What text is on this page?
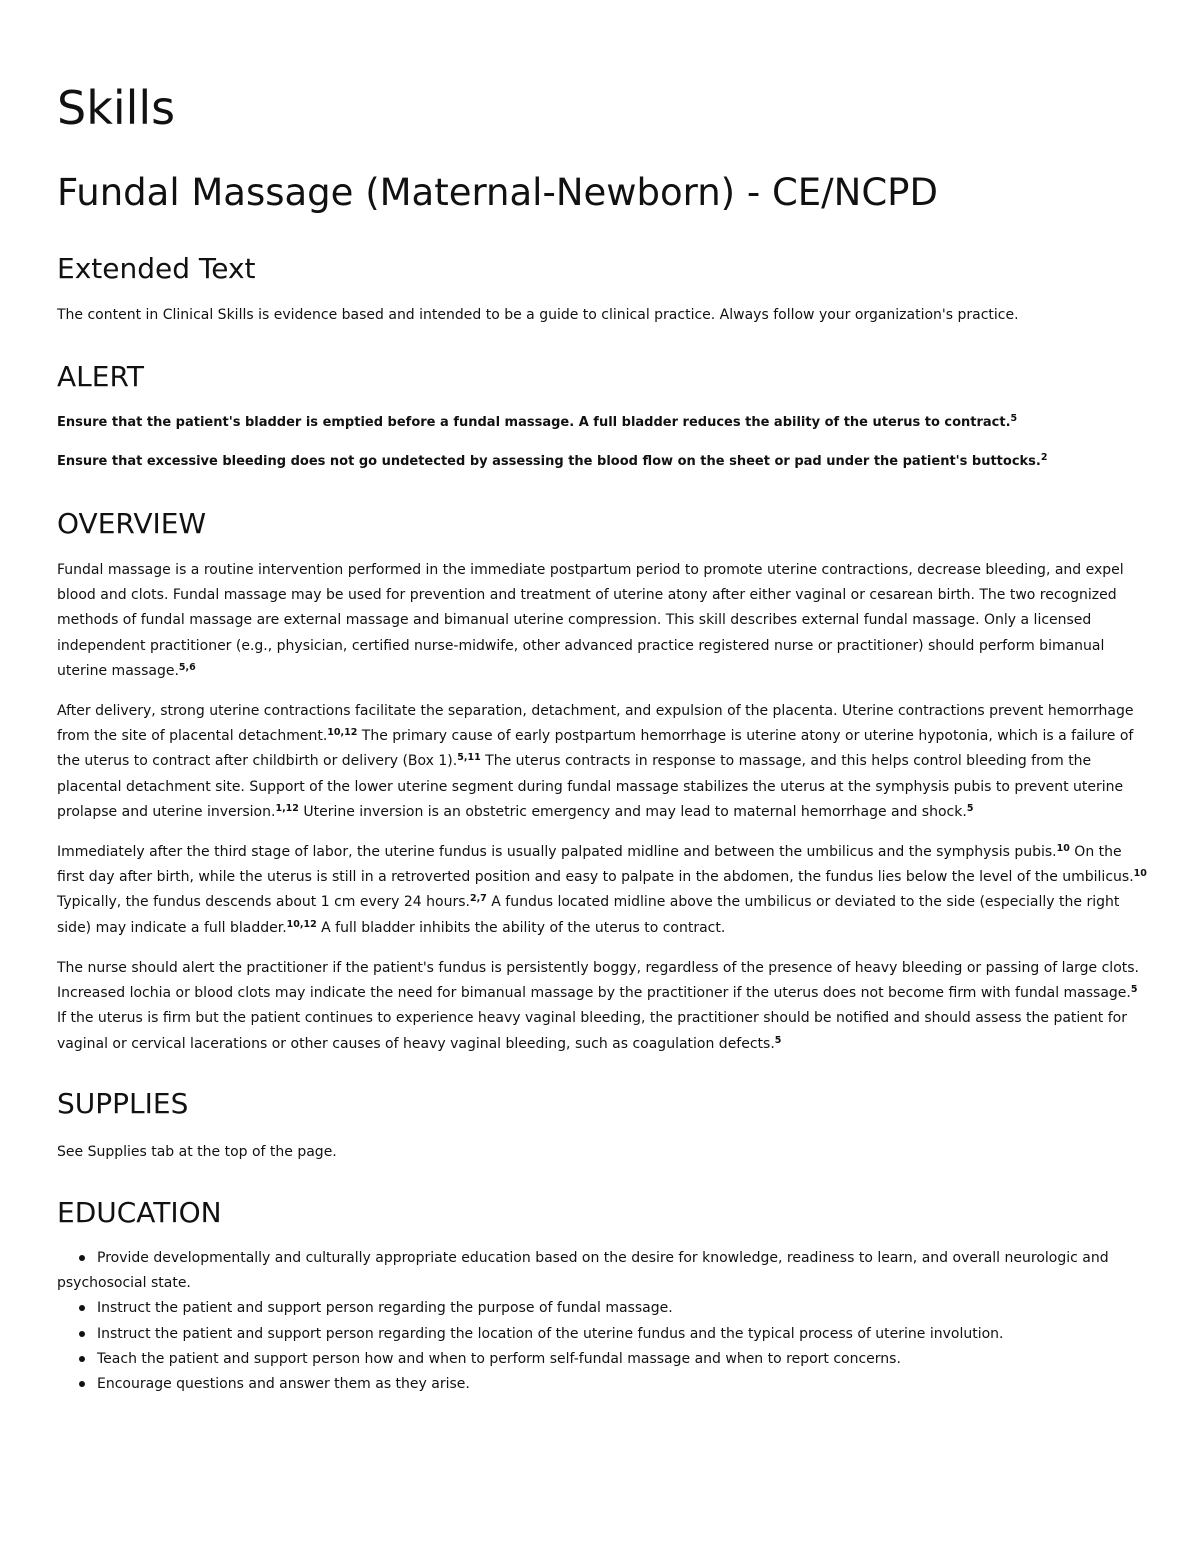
Skills
Fundal Massage (Maternal-Newborn) - CE/NCPD
Extended Text

The content in Clinical Skills is evidence based and intended to be a guide to clinical practice. Always follow your organization's practice.

ALERT

Ensure that the patient's bladder is emptied before a fundal massage. A full bladder reduces the ability of the uterus to contract.$^5$

Ensure that excessive bleeding does not go undetected by assessing the blood flow on the sheet or pad under the patient's buttocks.$^2$

OVERVIEW

Fundal massage is a routine intervention performed in the immediate postpartum period to promote uterine contractions, decrease bleeding, and expel blood and clots. Fundal massage may be used for prevention and treatment of uterine atony after either vaginal or cesarean birth. The two recognized methods of fundal massage are external massage and bimanual uterine compression. This skill describes external fundal massage. Only a licensed independent practitioner (e.g., physician, certified nurse-midwife, other advanced practice registered nurse or practitioner) should perform bimanual uterine massage.$^{5,6}$

After delivery, strong uterine contractions facilitate the separation, detachment, and expulsion of the placenta. Uterine contractions prevent hemorrhage from the site of placental detachment.$^{10,12}$ The primary cause of early postpartum hemorrhage is uterine atony or uterine hypotonia, which is a failure of the uterus to contract after childbirth or delivery (Box 1).$^{5,11}$ The uterus contracts in response to massage, and this helps control bleeding from the placental detachment site. Support of the lower uterine segment during fundal massage stabilizes the uterus at the symphysis pubis to prevent uterine prolapse and uterine inversion.$^{1,12}$ Uterine inversion is an obstetric emergency and may lead to maternal hemorrhage and shock.$^5$

Immediately after the third stage of labor, the uterine fundus is usually palpated midline and between the umbilicus and the symphysis pubis.$^{10}$ On the first day after birth, while the uterus is still in a retroverted position and easy to palpate in the abdomen, the fundus lies below the level of the umbilicus.$^{10}$ Typically, the fundus descends about 1 cm every 24 hours.$^{2,7}$ A fundus located midline above the umbilicus or deviated to the side (especially the right side) may indicate a full bladder.$^{10,12}$ A full bladder inhibits the ability of the uterus to contract.

The nurse should alert the practitioner if the patient's fundus is persistently boggy, regardless of the presence of heavy bleeding or passing of large clots. Increased lochia or blood clots may indicate the need for bimanual massage by the practitioner if the uterus does not become firm with fundal massage.$^5$ If the uterus is firm but the patient continues to experience heavy vaginal bleeding, the practitioner should be notified and should assess the patient for vaginal or cervical lacerations or other causes of heavy vaginal bleeding, such as coagulation defects.$^5$

SUPPLIES

See Supplies tab at the top of the page.

EDUCATION
Provide developmentally and culturally appropriate education based on the desire for knowledge, readiness to learn, and overall neurologic and psychosocial state.
Instruct the patient and support person regarding the purpose of fundal massage.
Instruct the patient and support person regarding the location of the uterine fundus and the typical process of uterine involution.
Teach the patient and support person how and when to perform self-fundal massage and when to report concerns.
Encourage questions and answer them as they arise.
